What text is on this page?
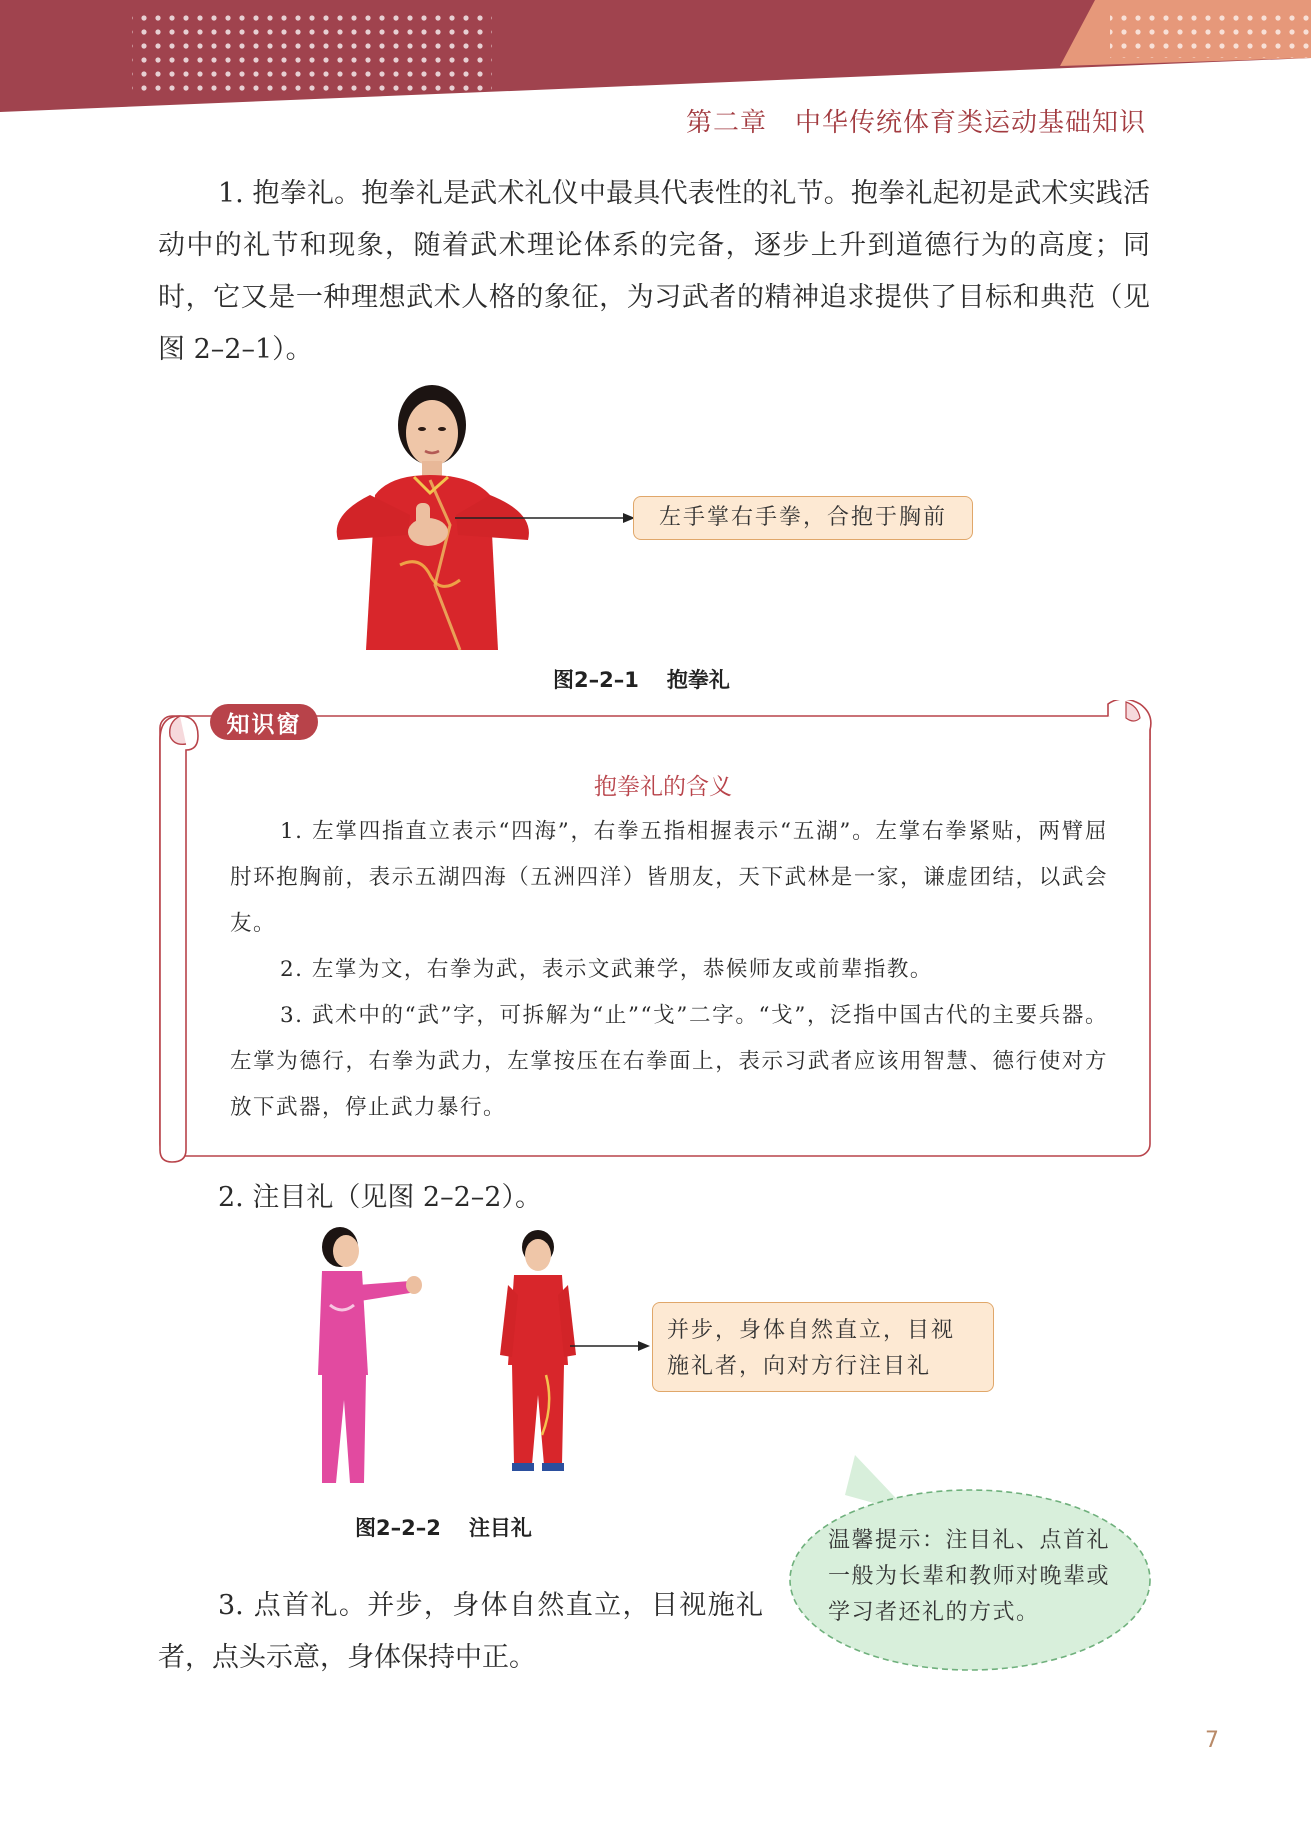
第二章 中华传统体育类运动基础知识

1. 抱拳礼。抱拳礼是武术礼仪中最具代表性的礼节。抱拳礼起初是武术实践活动中的礼节和现象，随着武术理论体系的完备，逐步上升到道德行为的高度；同时，它又是一种理想武术人格的象征，为习武者的精神追求提供了目标和典范（见图 2–2–1）。

左手掌右手拳，合抱于胸前
图2–2–1 抱拳礼
知识窗
抱拳礼的含义

1. 左掌四指直立表示“四海”，右拳五指相握表示“五湖”。左掌右拳紧贴，两臂屈肘环抱胸前，表示五湖四海（五洲四洋）皆朋友，天下武林是一家，谦虚团结，以武会友。

2. 左掌为文，右拳为武，表示文武兼学，恭候师友或前辈指教。

3. 武术中的“武”字，可拆解为“止”“戈”二字。“戈”，泛指中国古代的主要兵器。左掌为德行，右拳为武力，左掌按压在右拳面上，表示习武者应该用智慧、德行使对方放下武器，停止武力暴行。

2. 注目礼（见图 2–2–2）。

并步，身体自然直立，目视
施礼者，向对方行注目礼
图2–2–2 注目礼

3. 点首礼。并步，身体自然直立，目视施礼者，点头示意，身体保持中正。

温馨提示：注目礼、点首礼一般为长辈和教师对晚辈或学习者还礼的方式。

7
